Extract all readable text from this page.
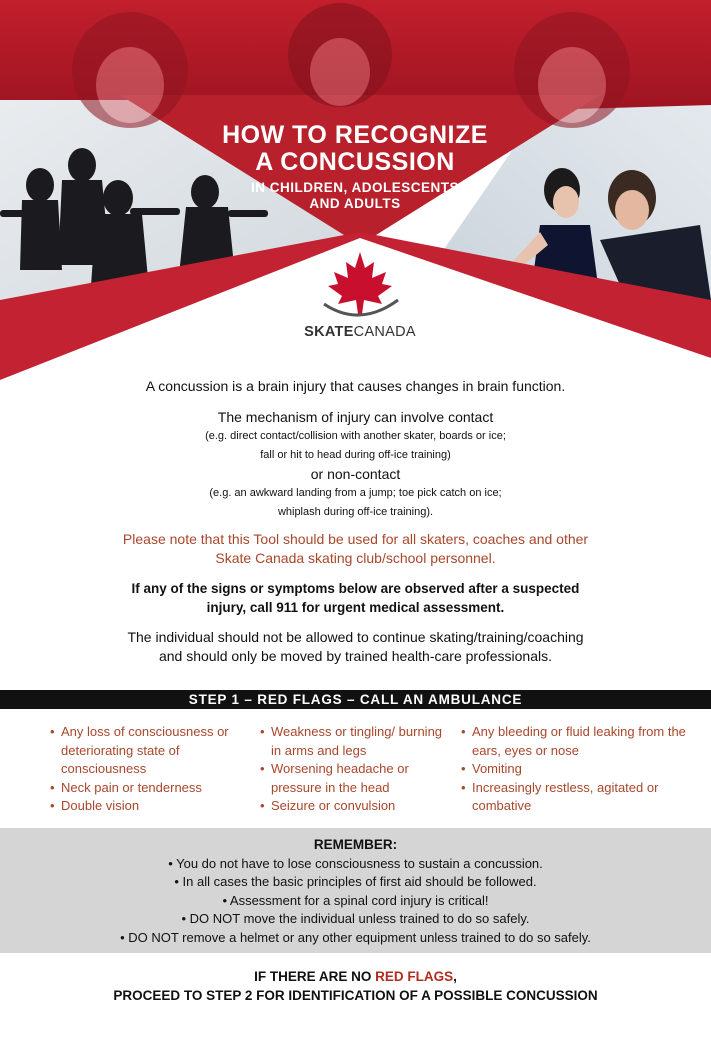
HOW TO RECOGNIZE
A CONCUSSION
IN CHILDREN, ADOLESCENTS
AND ADULTS
SKATECANADA
A concussion is a brain injury that causes changes in brain function.
The mechanism of injury can involve contact
(e.g. direct contact/collision with another skater, boards or ice;
fall or hit to head during off-ice training)
or non-contact
(e.g. an awkward landing from a jump; toe pick catch on ice;
whiplash during off-ice training).
Please note that this Tool should be used for all skaters, coaches and other
Skate Canada skating club/school personnel.
If any of the signs or symptoms below are observed after a suspected
injury, call 911 for urgent medical assessment.
The individual should not be allowed to continue skating/training/coaching
and should only be moved by trained health-care professionals.
STEP 1 – RED FLAGS – CALL AN AMBULANCE
• Any loss of consciousness or deteriorating state of consciousness
• Neck pain or tenderness
• Double vision
• Weakness or tingling/ burning in arms and legs
• Worsening headache or pressure in the head
• Seizure or convulsion
• Any bleeding or fluid leaking from the ears, eyes or nose
• Vomiting
• Increasingly restless, agitated or combative
REMEMBER:
• You do not have to lose consciousness to sustain a concussion.
• In all cases the basic principles of first aid should be followed.
• Assessment for a spinal cord injury is critical!
• DO NOT move the individual unless trained to do so safely.
• DO NOT remove a helmet or any other equipment unless trained to do so safely.
IF THERE ARE NO RED FLAGS,
PROCEED TO STEP 2 FOR IDENTIFICATION OF A POSSIBLE CONCUSSION
